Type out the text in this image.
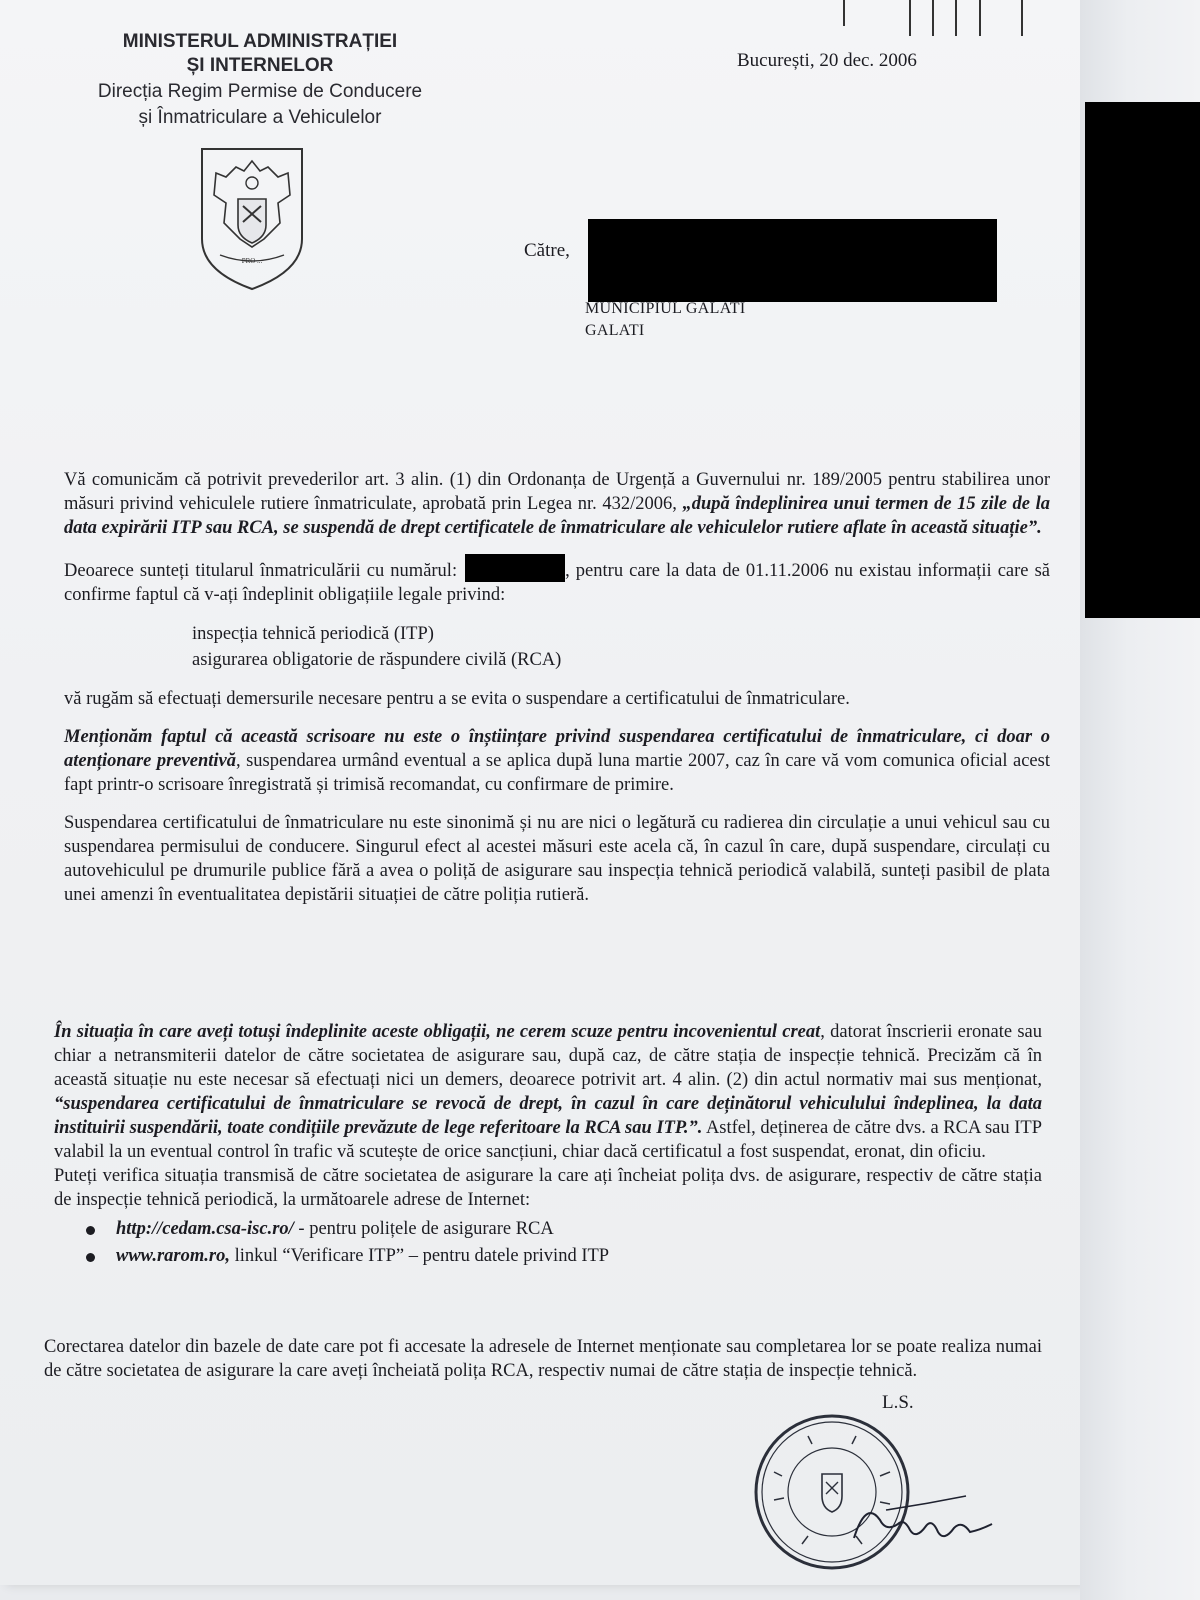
MINISTERUL ADMINISTRAȚIEI
ȘI INTERNELOR
Direcția Regim Permise de Conducere
și Înmatriculare a Vehiculelor
PRO ...
București, 20 dec. 2006
Către,
MUNICIPIUL GALATI
GALATI

Vă comunicăm că potrivit prevederilor art. 3 alin. (1) din Ordonanța de Urgență a Guvernului nr. 189/2005 pentru stabilirea unor măsuri privind vehiculele rutiere înmatriculate, aprobată prin Legea nr. 432/2006, „după îndeplinirea unui termen de 15 zile de la data expirării ITP sau RCA, se suspendă de drept certificatele de înmatriculare ale vehiculelor rutiere aflate în această situație”.

Deoarece sunteți titularul înmatriculării cu numărul:	, pentru care la data de 01.11.2006 nu existau informații care să confirme faptul că v-ați îndeplinit obligațiile legale privind:

inspecția tehnică periodică (ITP)
asigurarea obligatorie de răspundere civilă (RCA)

vă rugăm să efectuați demersurile necesare pentru a se evita o suspendare a certificatului de înmatriculare.

Menționăm faptul că această scrisoare nu este o înștiințare privind suspendarea certificatului de înmatriculare, ci doar o atenționare preventivă, suspendarea urmând eventual a se aplica după luna martie 2007, caz în care vă vom comunica oficial acest fapt printr-o scrisoare înregistrată și trimisă recomandat, cu confirmare de primire.

Suspendarea certificatului de înmatriculare nu este sinonimă și nu are nici o legătură cu radierea din circulație a unui vehicul sau cu suspendarea permisului de conducere. Singurul efect al acestei măsuri este acela că, în cazul în care, după suspendare, circulați cu autovehiculul pe drumurile publice fără a avea o poliță de asigurare sau inspecția tehnică periodică valabilă, sunteți pasibil de plata unei amenzi în eventualitatea depistării situației de către poliția rutieră.

În situația în care aveți totuși îndeplinite aceste obligații, ne cerem scuze pentru incovenientul creat, datorat înscrierii eronate sau chiar a netransmiterii datelor de către societatea de asigurare sau, după caz, de către stația de inspecție tehnică. Precizăm că în această situație nu este necesar să efectuați nici un demers, deoarece potrivit art. 4 alin. (2) din actul normativ mai sus menționat, “suspendarea certificatului de înmatriculare se revocă de drept, în cazul în care deținătorul vehiculului îndeplinea, la data instituirii suspendării, toate condițiile prevăzute de lege referitoare la RCA sau ITP.”. Astfel, deținerea de către dvs. a RCA sau ITP valabil la un eventual control în trafic vă scutește de orice sancțiuni, chiar dacă certificatul a fost suspendat, eronat, din oficiu.

Puteți verifica situația transmisă de către societatea de asigurare la care ați încheiat polița dvs. de asigurare, respectiv de către stația de inspecție tehnică periodică, la următoarele adrese de Internet:

http://cedam.csa-isc.ro/ - pentru polițele de asigurare RCA
www.rarom.ro, linkul “Verificare ITP” – pentru datele privind ITP
Corectarea datelor din bazele de date care pot fi accesate la adresele de Internet menționate sau completarea lor se poate realiza numai de către societatea de asigurare la care aveți încheiată polița RCA, respectiv numai de către stația de inspecție tehnică.
L.S.
